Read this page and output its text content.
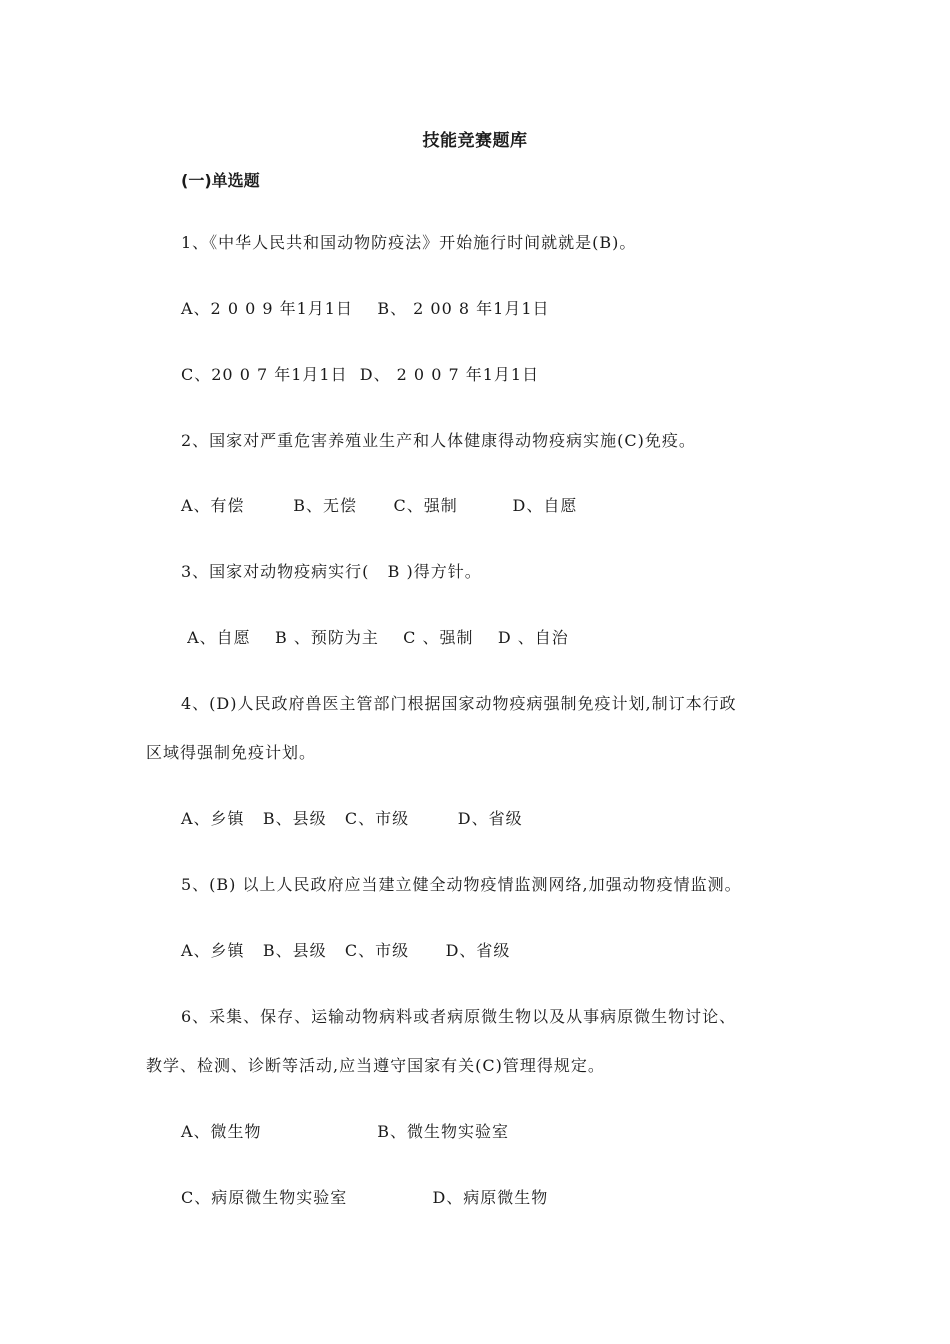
技能竞赛题库
(一)单选题
1、《中华人民共和国动物防疫法》开始施行时间就就是(B)。
A、2 0 0 9 年1月1日    B、 2 00 8 年1月1日
C、20 0 7 年1月1日  D、 2 0 0 7 年1月1日
2、国家对严重危害养殖业生产和人体健康得动物疫病实施(C)免疫。
A、有偿        B、无偿      C、强制         D、自愿
3、国家对动物疫病实行(   B )得方针。
A、自愿    B 、预防为主    C 、强制    D 、自治
4、(D)人民政府兽医主管部门根据国家动物疫病强制免疫计划,制订本行政
区域得强制免疫计划。
A、乡镇   B、县级   C、市级        D、省级
5、(B) 以上人民政府应当建立健全动物疫情监测网络,加强动物疫情监测。
A、乡镇   B、县级   C、市级      D、省级
6、采集、保存、运输动物病料或者病原微生物以及从事病原微生物讨论、
教学、检测、诊断等活动,应当遵守国家有关(C)管理得规定。
A、微生物                   B、微生物实验室
C、病原微生物实验室              D、病原微生物
